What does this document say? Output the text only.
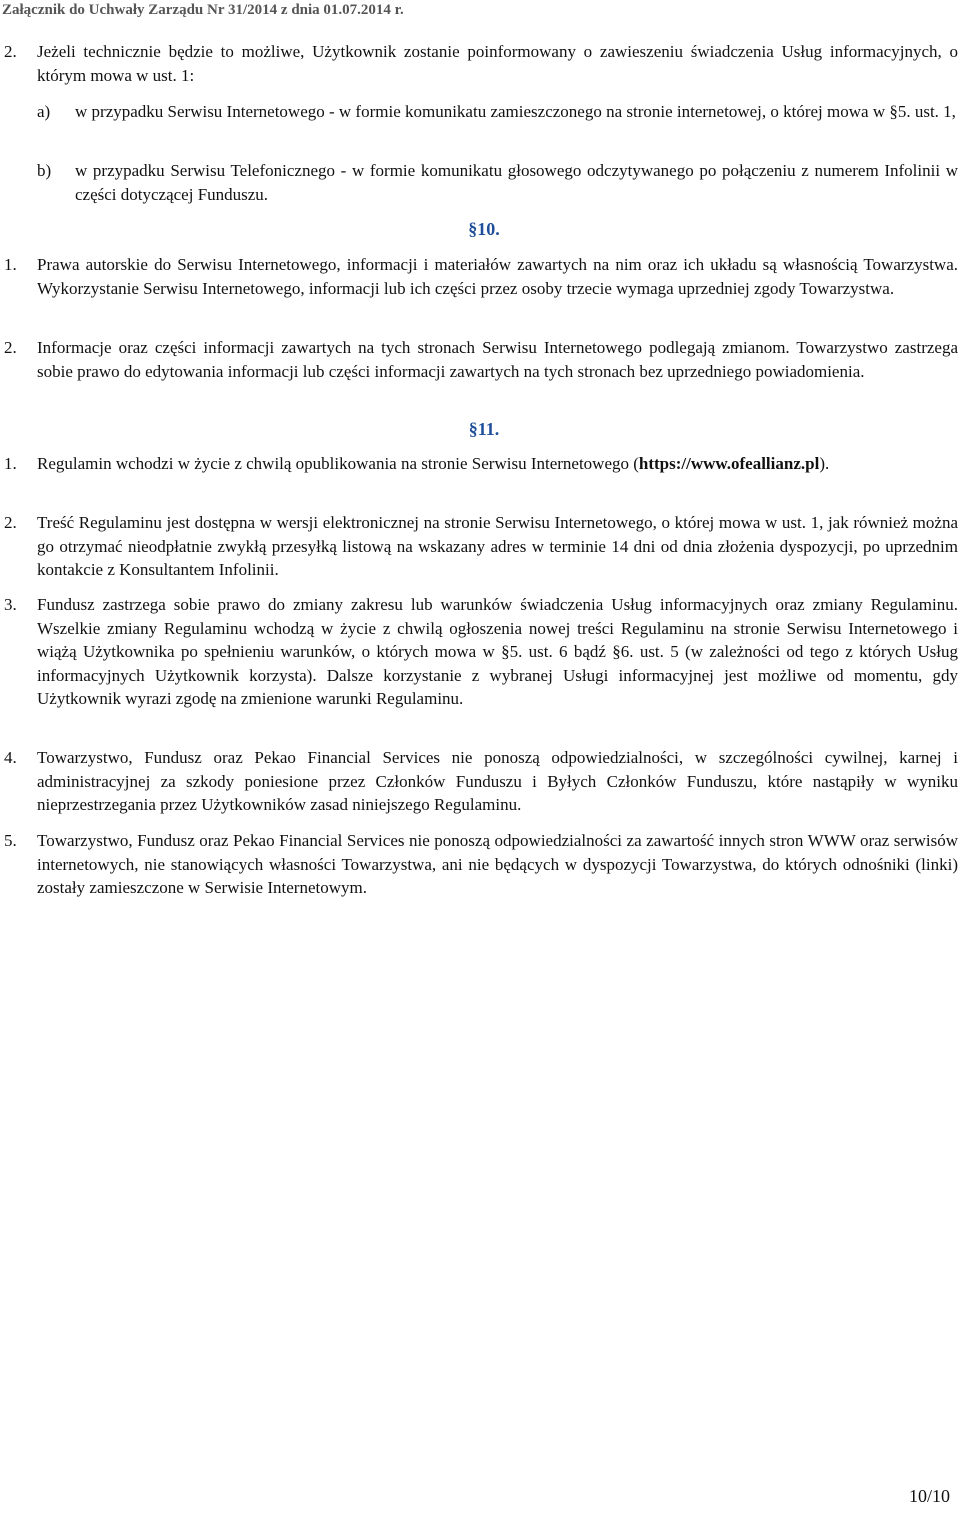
Załącznik do Uchwały Zarządu Nr 31/2014 z dnia 01.07.2014 r.
2. Jeżeli technicznie będzie to możliwe, Użytkownik zostanie poinformowany o zawieszeniu świadczenia Usług informacyjnych, o którym mowa w ust. 1:
a) w przypadku Serwisu Internetowego - w formie komunikatu zamieszczonego na stronie internetowej, o której mowa w §5. ust. 1,
b) w przypadku Serwisu Telefonicznego - w formie komunikatu głosowego odczytywanego po połączeniu z numerem Infolinii w części dotyczącej Funduszu.
§10.
1. Prawa autorskie do Serwisu Internetowego, informacji i materiałów zawartych na nim oraz ich układu są własnością Towarzystwa. Wykorzystanie Serwisu Internetowego, informacji lub ich części przez osoby trzecie wymaga uprzedniej zgody Towarzystwa.
2. Informacje oraz części informacji zawartych na tych stronach Serwisu Internetowego podlegają zmianom. Towarzystwo zastrzega sobie prawo do edytowania informacji lub części informacji zawartych na tych stronach bez uprzedniego powiadomienia.
§11.
1. Regulamin wchodzi w życie z chwilą opublikowania na stronie Serwisu Internetowego (https://www.ofeallianz.pl).
2. Treść Regulaminu jest dostępna w wersji elektronicznej na stronie Serwisu Internetowego, o której mowa w ust. 1, jak również można go otrzymać nieodpłatnie zwykłą przesyłką listową na wskazany adres w terminie 14 dni od dnia złożenia dyspozycji, po uprzednim kontakcie z Konsultantem Infolinii.
3. Fundusz zastrzega sobie prawo do zmiany zakresu lub warunków świadczenia Usług informacyjnych oraz zmiany Regulaminu. Wszelkie zmiany Regulaminu wchodzą w życie z chwilą ogłoszenia nowej treści Regulaminu na stronie Serwisu Internetowego i wiążą Użytkownika po spełnieniu warunków, o których mowa w §5. ust. 6 bądź §6. ust. 5 (w zależności od tego z których Usług informacyjnych Użytkownik korzysta). Dalsze korzystanie z wybranej Usługi informacyjnej jest możliwe od momentu, gdy Użytkownik wyrazi zgodę na zmienione warunki Regulaminu.
4. Towarzystwo, Fundusz oraz Pekao Financial Services nie ponoszą odpowiedzialności, w szczególności cywilnej, karnej i administracyjnej za szkody poniesione przez Członków Funduszu i Byłych Członków Funduszu, które nastąpiły w wyniku nieprzestrzegania przez Użytkowników zasad niniejszego Regulaminu.
5. Towarzystwo, Fundusz oraz Pekao Financial Services nie ponoszą odpowiedzialności za zawartość innych stron WWW oraz serwisów internetowych, nie stanowiących własności Towarzystwa, ani nie będących w dyspozycji Towarzystwa, do których odnośniki (linki) zostały zamieszczone w Serwisie Internetowym.
10/10
